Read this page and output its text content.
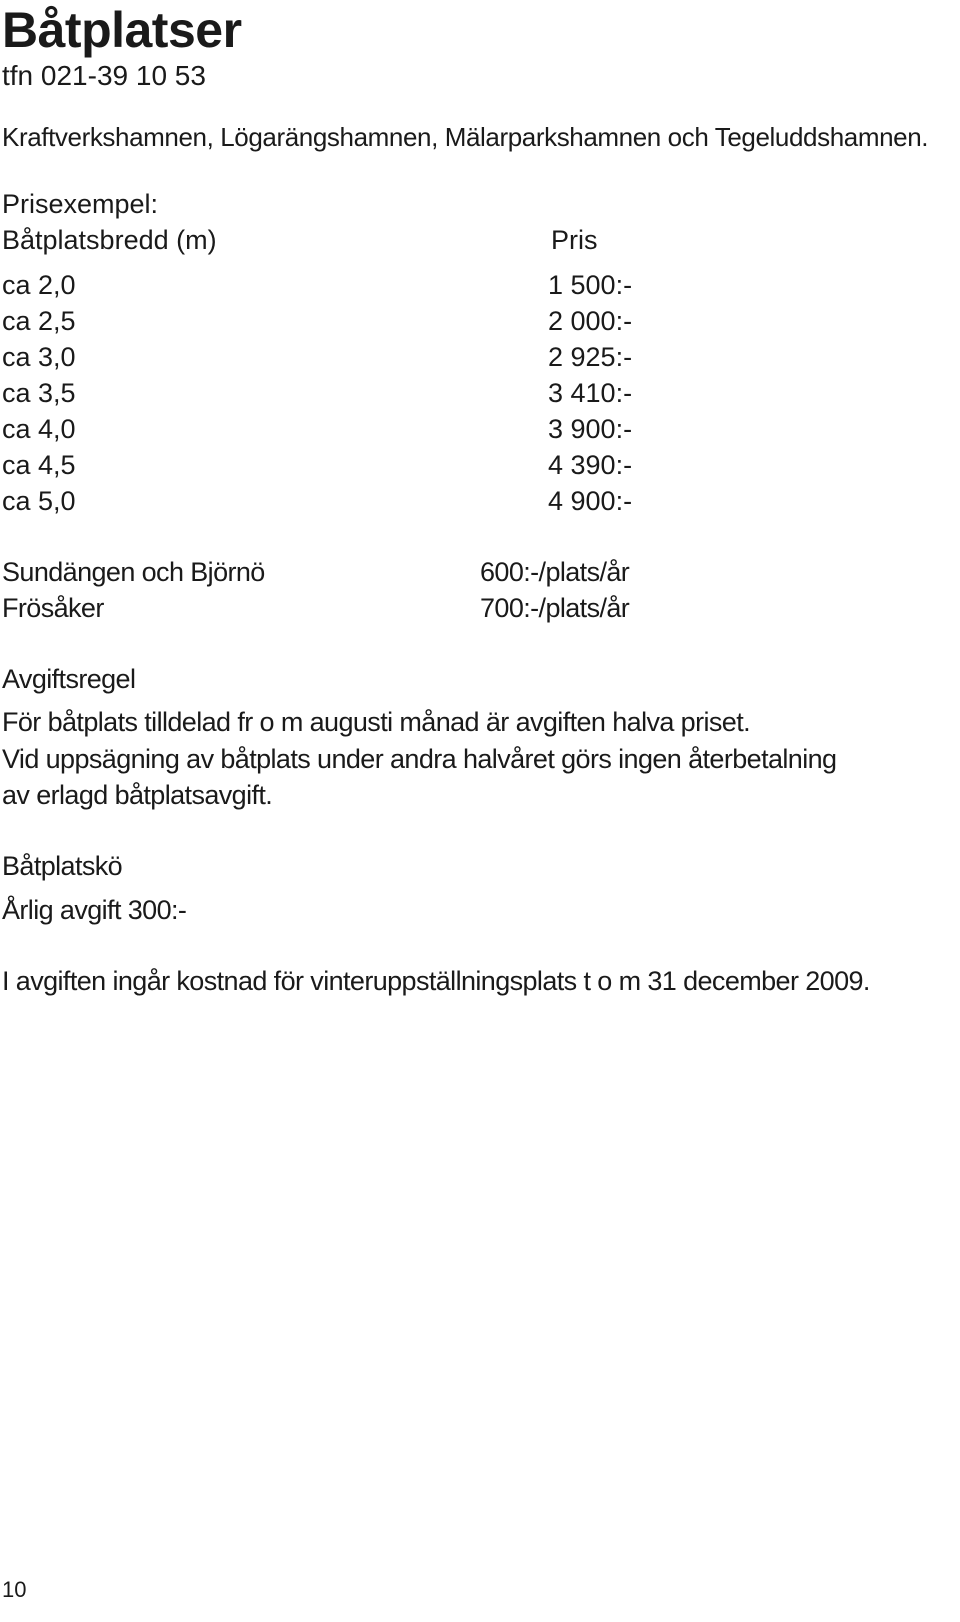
Båtplatser
tfn 021-39 10 53
Kraftverkshamnen, Lögarängshamnen, Mälarparkshamnen och Tegeluddshamnen.
Prisexempel:
Båtplatsbredd (m)	Pris
ca 2,0	1 500:-
ca 2,5	2 000:-
ca 3,0	2 925:-
ca 3,5	3 410:-
ca 4,0	3 900:-
ca 4,5	4 390:-
ca 5,0	4 900:-
Sundängen och Björnö	600:-/plats/år
Frösåker	700:-/plats/år
Avgiftsregel
För båtplats tilldelad fr o m augusti månad är avgiften halva priset.
Vid uppsägning av båtplats under andra halvåret görs ingen återbetalning
av erlagd båtplatsavgift.
Båtplatskö
Årlig avgift 300:-
I avgiften ingår kostnad för vinteruppställningsplats t o m 31 december 2009.
10
